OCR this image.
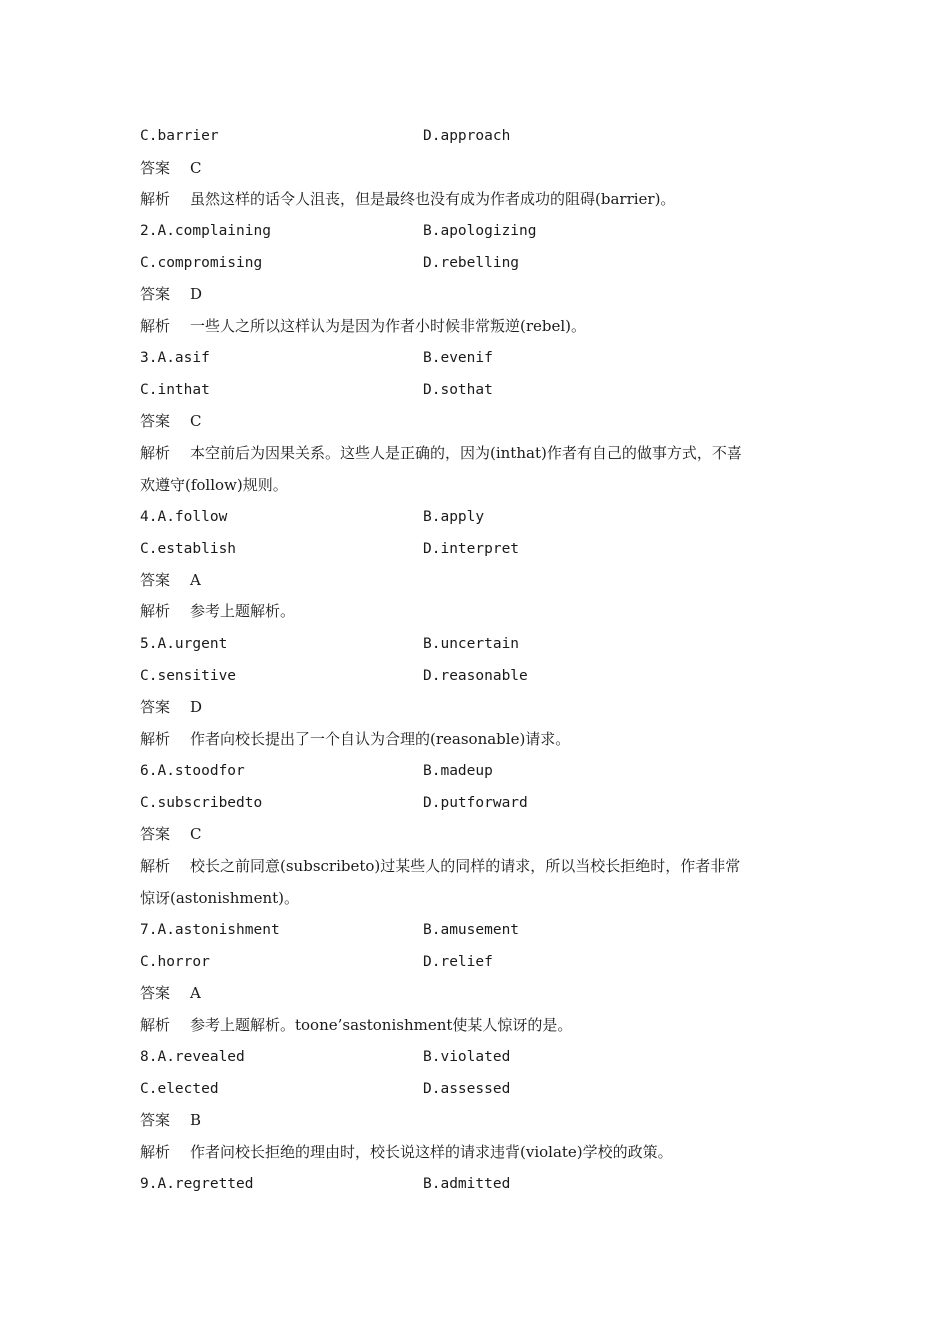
C.barrier	D.approach
答案 C
解析 虽然这样的话令人沮丧，但是最终也没有成为作者成功的阻碍(barrier)。
2.A.complaining	B.apologizing
C.compromising	D.rebelling
答案 D
解析 一些人之所以这样认为是因为作者小时候非常叛逆(rebel)。
3.A.asif	B.evenif
C.inthat	D.sothat
答案 C
解析 本空前后为因果关系。这些人是正确的，因为(inthat)作者有自己的做事方式，不喜
欢遵守(follow)规则。
4.A.follow	B.apply
C.establish	D.interpret
答案 A
解析 参考上题解析。
5.A.urgent	B.uncertain
C.sensitive	D.reasonable
答案 D
解析 作者向校长提出了一个自认为合理的(reasonable)请求。
6.A.stoodfor	B.madeup
C.subscribedto	D.putforward
答案 C
解析 校长之前同意(subscribeto)过某些人的同样的请求，所以当校长拒绝时，作者非常
惊讶(astonishment)。
7.A.astonishment	B.amusement
C.horror	D.relief
答案 A
解析 参考上题解析。toone’sastonishment使某人惊讶的是。
8.A.revealed	B.violated
C.elected	D.assessed
答案 B
解析 作者问校长拒绝的理由时，校长说这样的请求违背(violate)学校的政策。
9.A.regretted	B.admitted
